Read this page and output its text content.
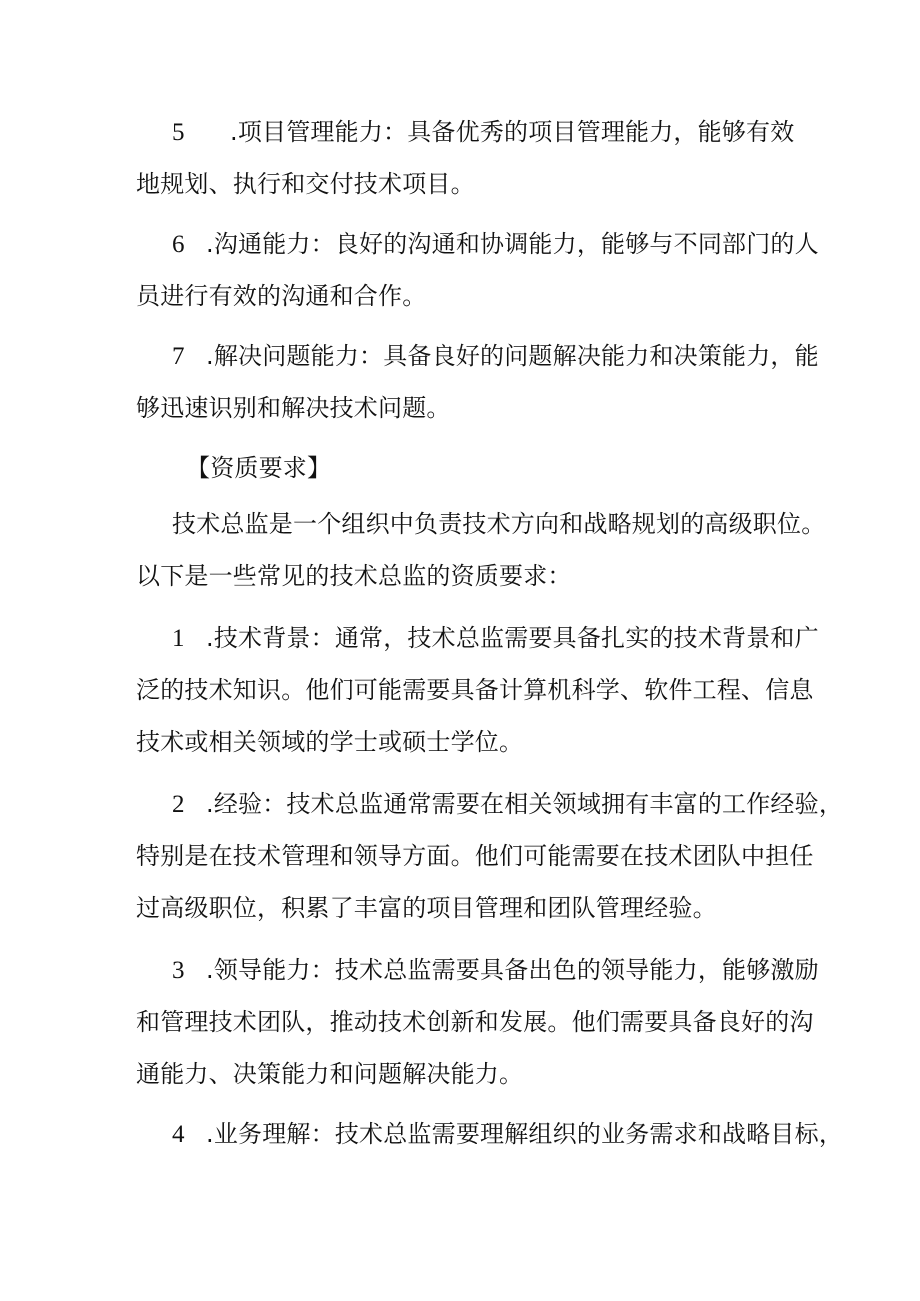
5 .项目管理能力：具备优秀的项目管理能力，能够有效
地规划、执行和交付技术项目。
6 .沟通能力：良好的沟通和协调能力，能够与不同部门的人
员进行有效的沟通和合作。
7 .解决问题能力：具备良好的问题解决能力和决策能力，能
够迅速识别和解决技术问题。
【资质要求】
技术总监是一个组织中负责技术方向和战略规划的高级职位。
以下是一些常见的技术总监的资质要求：
1 .技术背景：通常，技术总监需要具备扎实的技术背景和广
泛的技术知识。他们可能需要具备计算机科学、软件工程、信息
技术或相关领域的学士或硕士学位。
2 .经验：技术总监通常需要在相关领域拥有丰富的工作经验，
特别是在技术管理和领导方面。他们可能需要在技术团队中担任
过高级职位，积累了丰富的项目管理和团队管理经验。
3 .领导能力：技术总监需要具备出色的领导能力，能够激励
和管理技术团队，推动技术创新和发展。他们需要具备良好的沟
通能力、决策能力和问题解决能力。
4 .业务理解：技术总监需要理解组织的业务需求和战略目标，
